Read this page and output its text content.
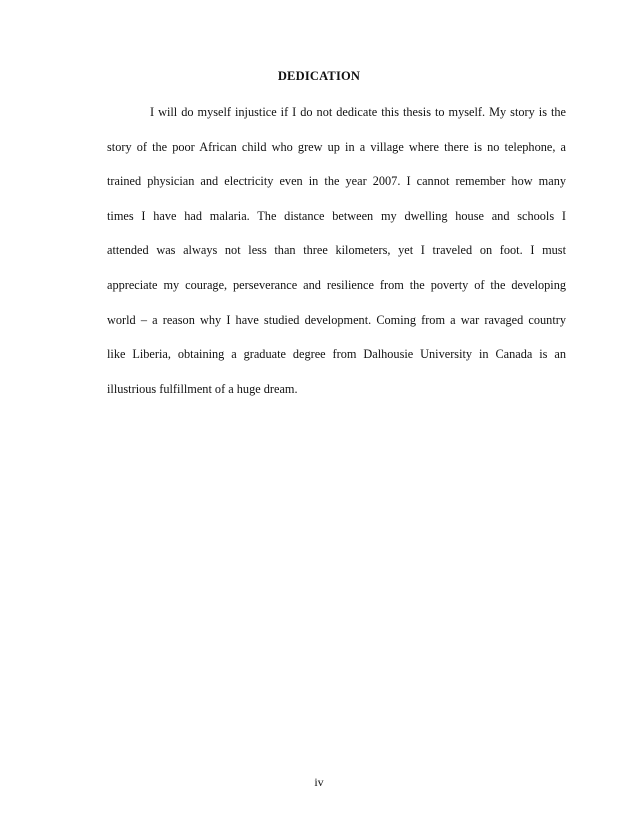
DEDICATION
I will do myself injustice if I do not dedicate this thesis to myself. My story is the
story of the poor African child who grew up in a village where there is no telephone, a
trained physician and electricity even in the year 2007. I cannot remember how many
times I have had malaria. The distance between my dwelling house and schools I
attended was always not less than three kilometers, yet I traveled on foot. I must
appreciate my courage, perseverance and resilience from the poverty of the developing
world – a reason why I have studied development. Coming from a war ravaged country
like Liberia, obtaining a graduate degree from Dalhousie University in Canada is an
illustrious fulfillment of a huge dream.
iv
